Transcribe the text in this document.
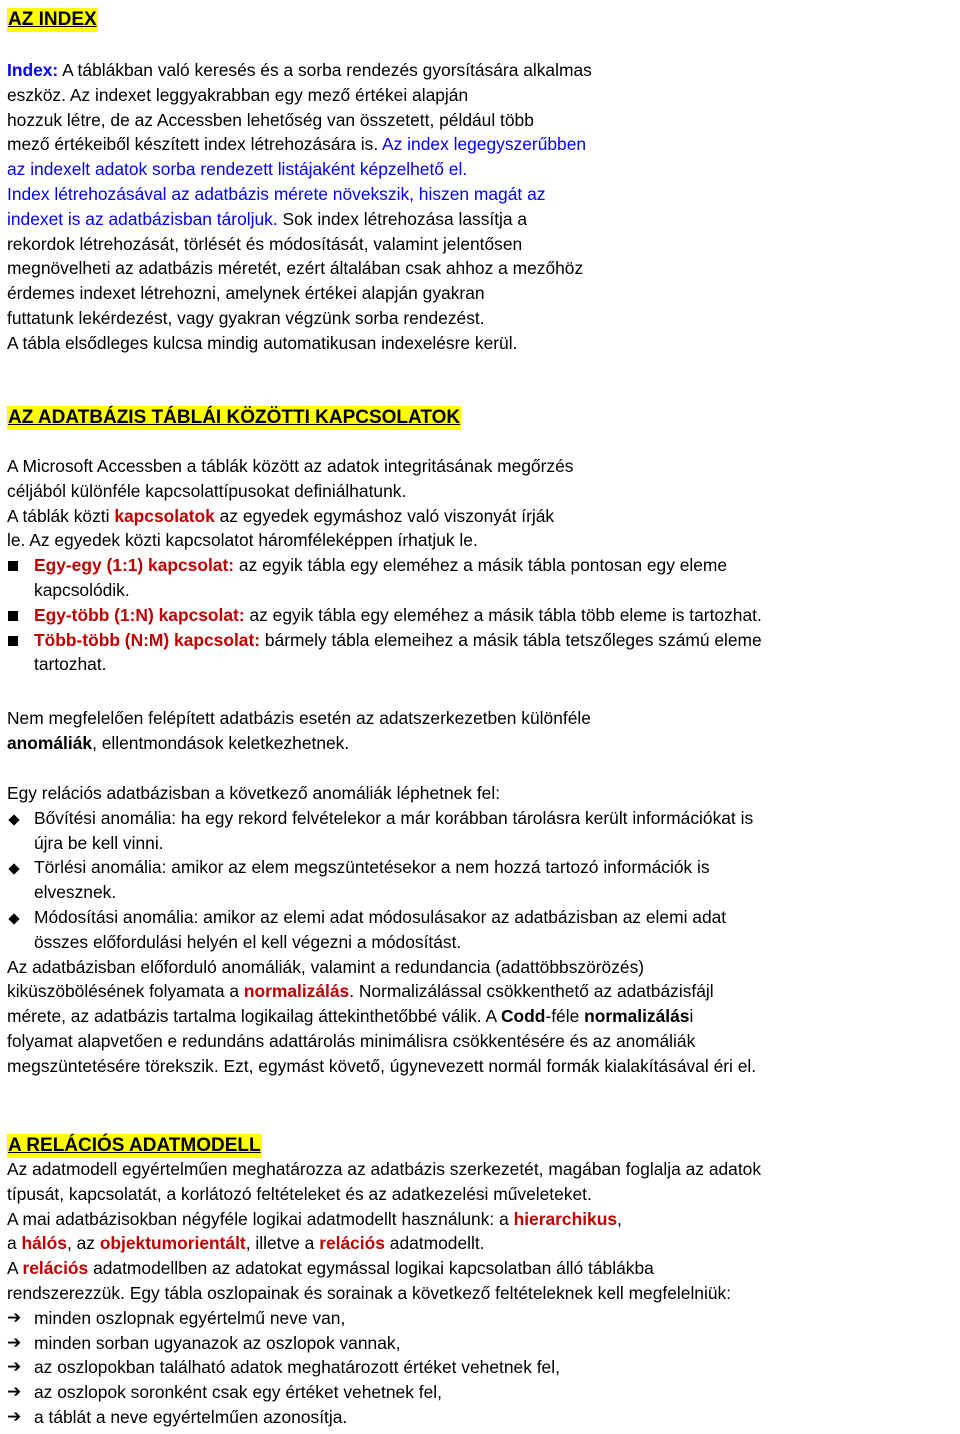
AZ INDEX

Index: A táblákban való keresés és a sorba rendezés gyorsítására alkalmas

eszköz. Az indexet leggyakrabban egy mező értékei alapján

hozzuk létre, de az Accessben lehetőség van összetett, például több

mező értékeiből készített index létrehozására is. Az index legegyszerűbben

az indexelt adatok sorba rendezett listájaként képzelhető el.

Index létrehozásával az adatbázis mérete növekszik, hiszen magát az

indexet is az adatbázisban tároljuk. Sok index létrehozása lassítja a

rekordok létrehozását, törlését és módosítását, valamint jelentősen

megnövelheti az adatbázis méretét, ezért általában csak ahhoz a mezőhöz

érdemes indexet létrehozni, amelynek értékei alapján gyakran

futtatunk lekérdezést, vagy gyakran végzünk sorba rendezést.

A tábla elsődleges kulcsa mindig automatikusan indexelésre kerül.

AZ ADATBÁZIS TÁBLÁI KÖZÖTTI KAPCSOLATOK

A Microsoft Accessben a táblák között az adatok integritásának megőrzés

céljából különféle kapcsolattípusokat definiálhatunk.

A táblák közti kapcsolatok az egyedek egymáshoz való viszonyát írják

le. Az egyedek közti kapcsolatot háromféleképpen írhatjuk le.

Egy-egy (1:1) kapcsolat: az egyik tábla egy eleméhez a másik tábla pontosan egy eleme
kapcsolódik.
Egy-több (1:N) kapcsolat: az egyik tábla egy eleméhez a másik tábla több eleme is tartozhat.
Több-több (N:M) kapcsolat: bármely tábla elemeihez a másik tábla tetszőleges számú eleme
tartozhat.

Nem megfelelően felépített adatbázis esetén az adatszerkezetben különféle

anomáliák, ellentmondások keletkezhetnek.

Egy relációs adatbázisban a következő anomáliák léphetnek fel:

Bővítési anomália: ha egy rekord felvételekor a már korábban tárolásra került információkat is
újra be kell vinni.
Törlési anomália: amikor az elem megszüntetésekor a nem hozzá tartozó információk is
elvesznek.
Módosítási anomália: amikor az elemi adat módosulásakor az adatbázisban az elemi adat
összes előfordulási helyén el kell végezni a módosítást.

Az adatbázisban előforduló anomáliák, valamint a redundancia (adattöbbszörözés)

kiküszöbölésének folyamata a normalizálás. Normalizálással csökkenthető az adatbázisfájl

mérete, az adatbázis tartalma logikailag áttekinthetőbbé válik. A Codd-féle normalizálási

folyamat alapvetően e redundáns adattárolás minimálisra csökkentésére és az anomáliák

megszüntetésére törekszik. Ezt, egymást követő, úgynevezett normál formák kialakításával éri el.

A RELÁCIÓS ADATMODELL

Az adatmodell egyértelműen meghatározza az adatbázis szerkezetét, magában foglalja az adatok

típusát, kapcsolatát, a korlátozó feltételeket és az adatkezelési műveleteket.

A mai adatbázisokban négyféle logikai adatmodellt használunk: a hierarchikus,

a hálós, az objektumorientált, illetve a relációs adatmodellt.

A relációs adatmodellben az adatokat egymással logikai kapcsolatban álló táblákba

rendszerezzük. Egy tábla oszlopainak és sorainak a következő feltételeknek kell megfelelniük:

➔ minden oszlopnak egyértelmű neve van,
➔ minden sorban ugyanazok az oszlopok vannak,
➔ az oszlopokban található adatok meghatározott értéket vehetnek fel,
➔ az oszlopok soronként csak egy értéket vehetnek fel,
➔ a táblát a neve egyértelműen azonosítja.
